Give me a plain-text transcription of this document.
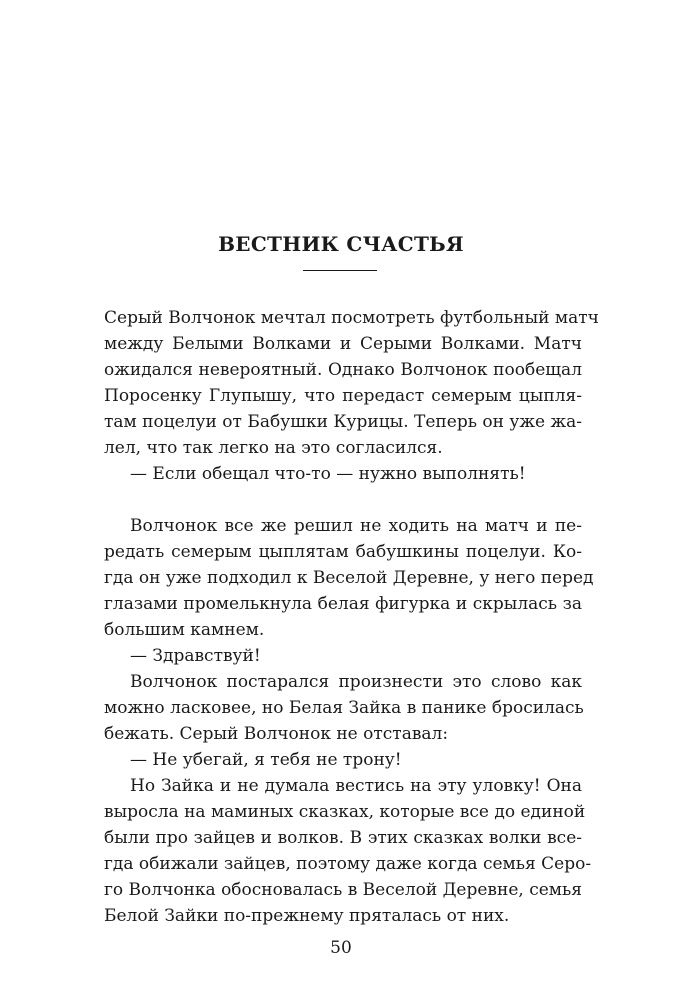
ВЕСТНИК СЧАСТЬЯ
Серый Волчонок мечтал посмотреть футбольный матч
между Белыми Волками и Серыми Волками. Матч
ожидался невероятный. Однако Волчонок пообещал
Поросенку Глупышу, что передаст семерым цыпля-
там поцелуи от Бабушки Курицы. Теперь он уже жа-
лел, что так легко на это согласился.
— Если обещал что-то — нужно выполнять!
Волчонок все же решил не ходить на матч и пе-
редать семерым цыплятам бабушкины поцелуи. Ко-
гда он уже подходил к Веселой Деревне, у него перед
глазами промелькнула белая фигурка и скрылась за
большим камнем.
— Здравствуй!
Волчонок постарался произнести это слово как
можно ласковее, но Белая Зайка в панике бросилась
бежать. Серый Волчонок не отставал:
— Не убегай, я тебя не трону!
Но Зайка и не думала вестись на эту уловку! Она
выросла на маминых сказках, которые все до единой
были про зайцев и волков. В этих сказках волки все-
гда обижали зайцев, поэтому даже когда семья Серо-
го Волчонка обосновалась в Веселой Деревне, семья
Белой Зайки по-прежнему пряталась от них.
50
